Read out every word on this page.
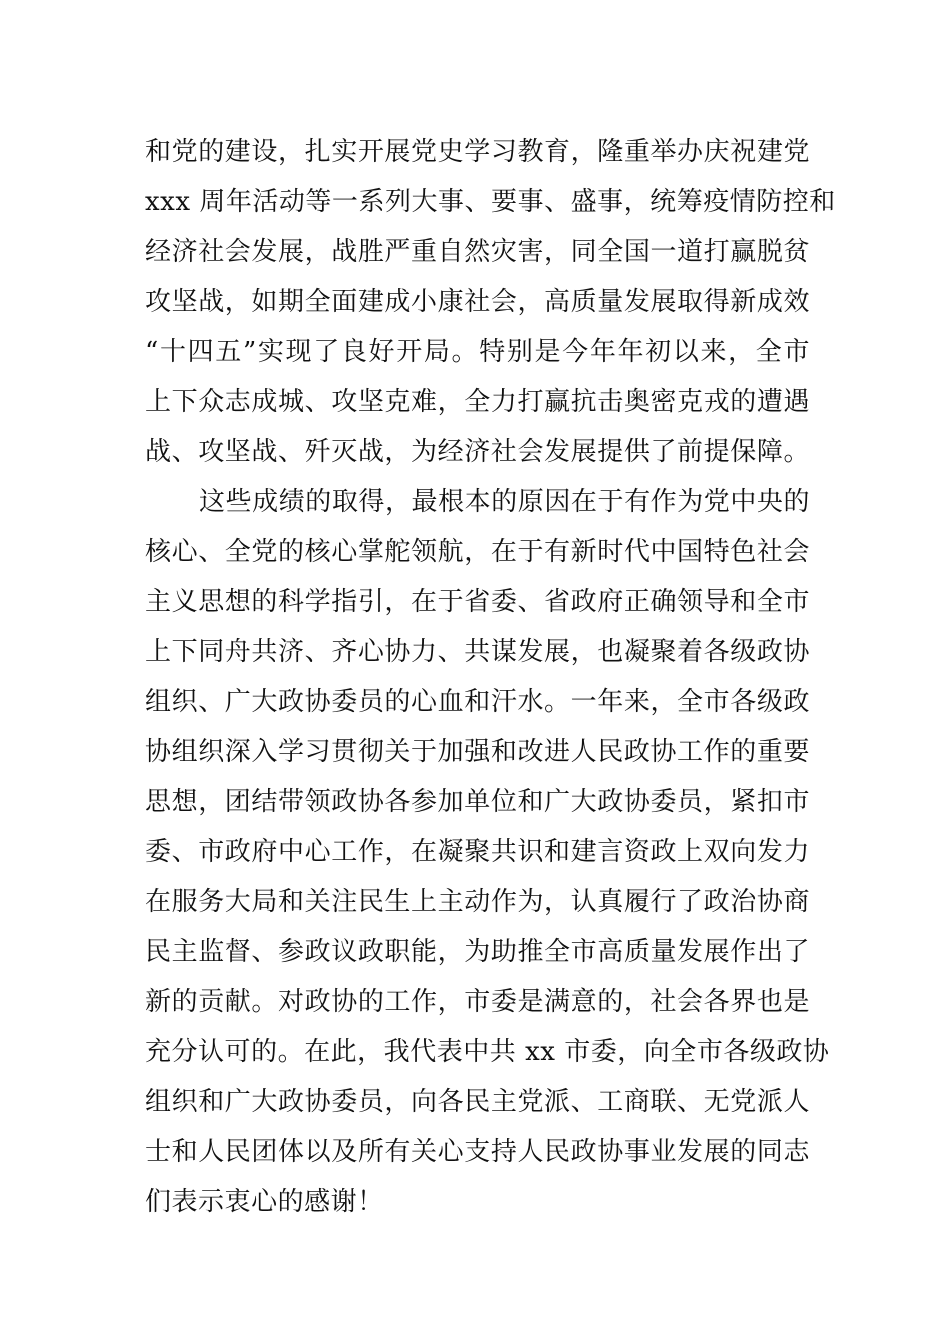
和党的建设，扎实开展党史学习教育，隆重举办庆祝建党
xxx 周年活动等一系列大事、要事、盛事，统筹疫情防控和
经济社会发展，战胜严重自然灾害，同全国一道打赢脱贫
攻坚战，如期全面建成小康社会，高质量发展取得新成效
“十四五”实现了良好开局。特别是今年年初以来，全市
上下众志成城、攻坚克难，全力打赢抗击奥密克戎的遭遇
战、攻坚战、歼灭战，为经济社会发展提供了前提保障。
这些成绩的取得，最根本的原因在于有作为党中央的
核心、全党的核心掌舵领航，在于有新时代中国特色社会
主义思想的科学指引，在于省委、省政府正确领导和全市
上下同舟共济、齐心协力、共谋发展，也凝聚着各级政协
组织、广大政协委员的心血和汗水。一年来，全市各级政
协组织深入学习贯彻关于加强和改进人民政协工作的重要
思想，团结带领政协各参加单位和广大政协委员，紧扣市
委、市政府中心工作，在凝聚共识和建言资政上双向发力
在服务大局和关注民生上主动作为，认真履行了政治协商
民主监督、参政议政职能，为助推全市高质量发展作出了
新的贡献。对政协的工作，市委是满意的，社会各界也是
充分认可的。在此，我代表中共 xx 市委，向全市各级政协
组织和广大政协委员，向各民主党派、工商联、无党派人
士和人民团体以及所有关心支持人民政协事业发展的同志
们表示衷心的感谢！
